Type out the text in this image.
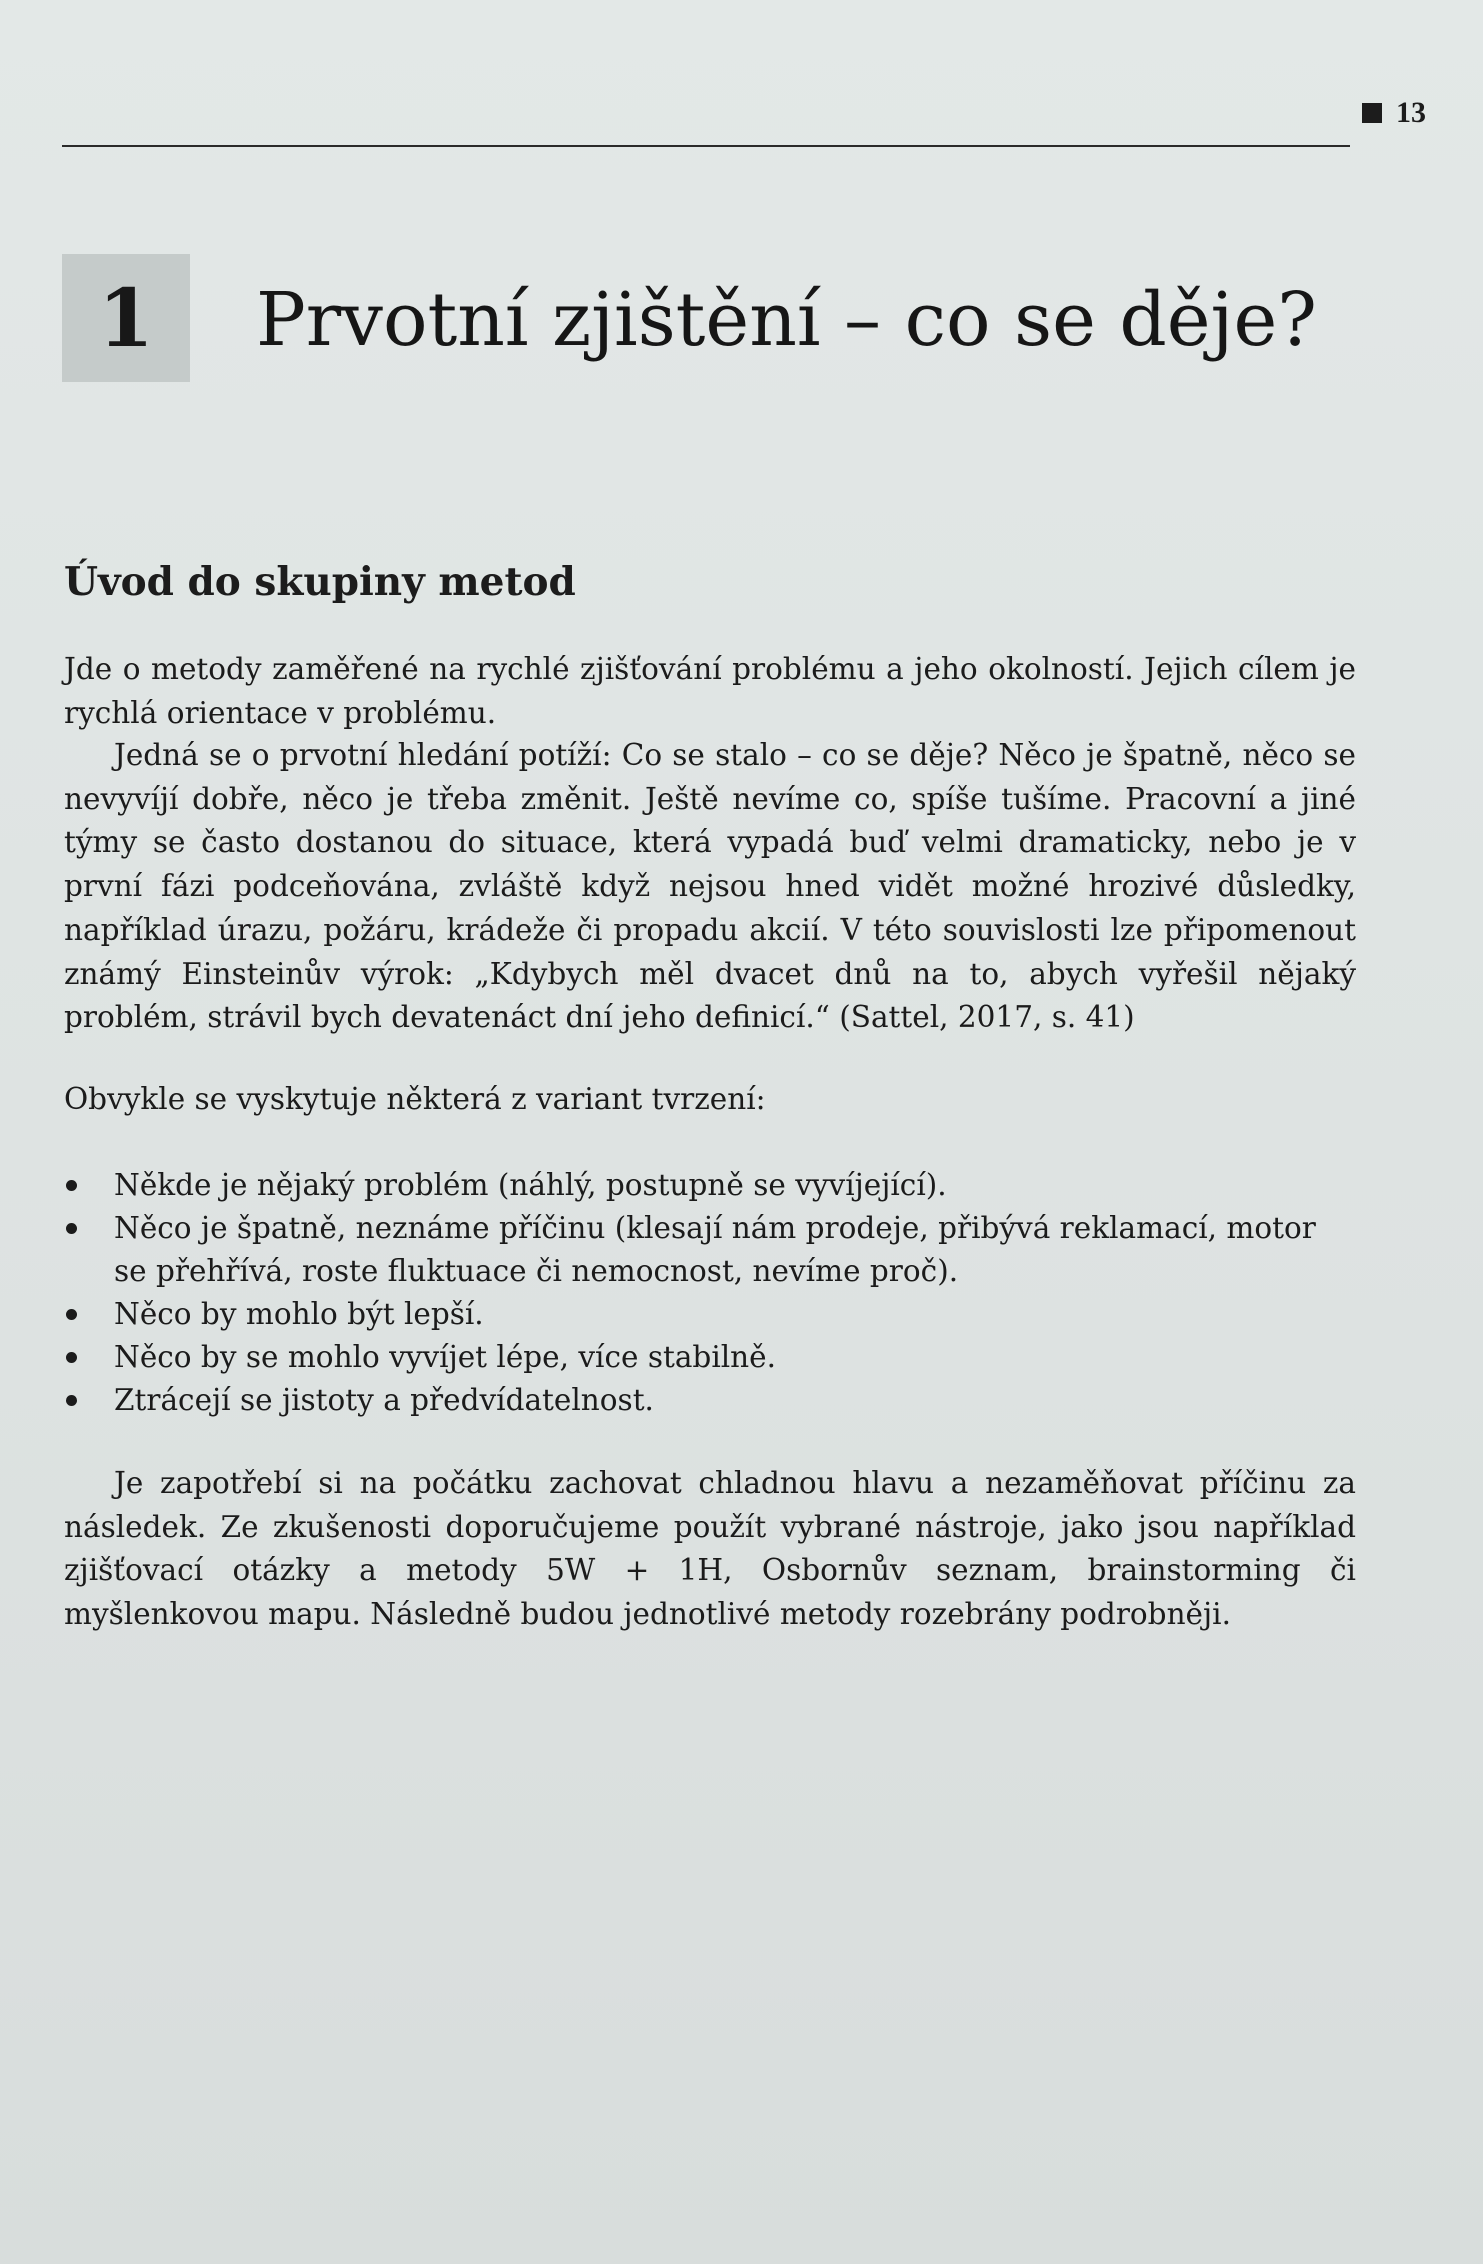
13
1	Prvotní zjištění – co se děje?
Úvod do skupiny metod

Jde o metody zaměřené na rychlé zjišťování problému a jeho okolností. Jejich cílem je rychlá orientace v problému.

Jedná se o prvotní hledání potíží: Co se stalo – co se děje? Něco je špatně, něco se nevyvíjí dobře, něco je třeba změnit. Ještě nevíme co, spíše tušíme. Pracovní a jiné týmy se často dostanou do situace, která vypadá buď velmi dramaticky, nebo je v první fázi podceňována, zvláště když nejsou hned vidět možné hrozivé důsledky, například úrazu, požáru, krádeže či propadu akcií. V této souvislosti lze připomenout známý Einsteinův výrok: „Kdybych měl dvacet dnů na to, abych vyřešil nějaký problém, strávil bych devatenáct dní jeho definicí.“ (Sattel, 2017, s. 41)

Obvykle se vyskytuje některá z variant tvrzení:

Někde je nějaký problém (náhlý, postupně se vyvíjející).
Něco je špatně, neznáme příčinu (klesají nám prodeje, přibývá reklamací, motor se přehřívá, roste fluktuace či nemocnost, nevíme proč).
Něco by mohlo být lepší.
Něco by se mohlo vyvíjet lépe, více stabilně.
Ztrácejí se jistoty a předvídatelnost.

Je zapotřebí si na počátku zachovat chladnou hlavu a nezaměňovat příčinu za následek. Ze zkušenosti doporučujeme použít vybrané nástroje, jako jsou například zjišťovací otázky a metody 5W + 1H, Osbornův seznam, brainstorming či myšlenkovou mapu. Následně budou jednotlivé metody rozebrány podrobněji.
